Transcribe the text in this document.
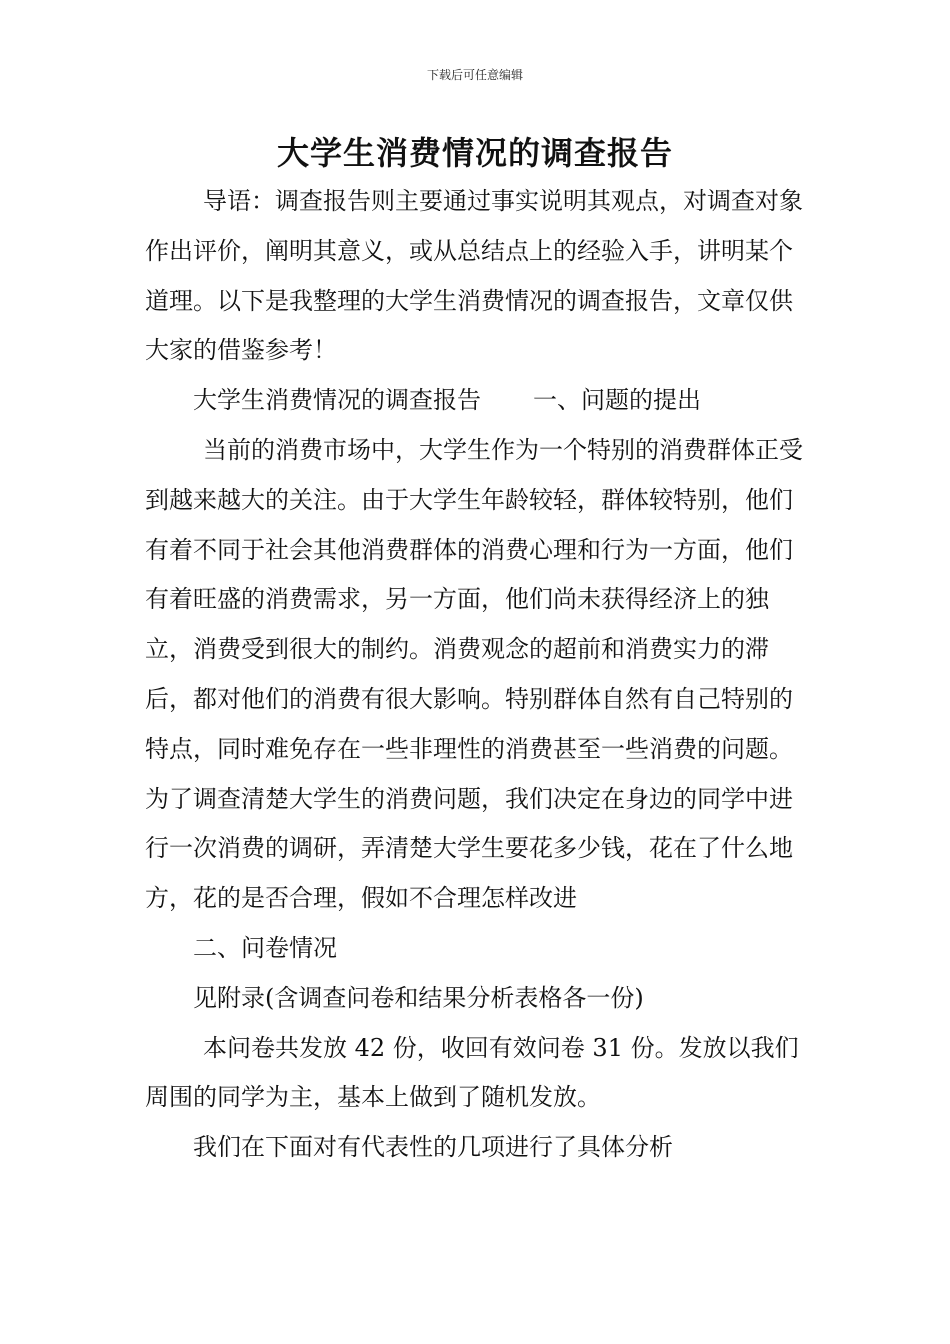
下载后可任意编辑
大学生消费情况的调查报告

导语：调查报告则主要通过事实说明其观点，对调查对象作出评价，阐明其意义，或从总结点上的经验入手，讲明某个道理。以下是我整理的大学生消费情况的调查报告，文章仅供大家的借鉴参考！

大学生消费情况的调查报告 一、问题的提出

当前的消费市场中，大学生作为一个特别的消费群体正受到越来越大的关注。由于大学生年龄较轻，群体较特别，他们有着不同于社会其他消费群体的消费心理和行为一方面，他们有着旺盛的消费需求，另一方面，他们尚未获得经济上的独立，消费受到很大的制约。消费观念的超前和消费实力的滞后，都对他们的消费有很大影响。特别群体自然有自己特别的特点，同时难免存在一些非理性的消费甚至一些消费的问题。为了调查清楚大学生的消费问题，我们决定在身边的同学中进行一次消费的调研，弄清楚大学生要花多少钱，花在了什么地方，花的是否合理，假如不合理怎样改进

二、问卷情况

见附录(含调查问卷和结果分析表格各一份)

本问卷共发放 42 份，收回有效问卷 31 份。发放以我们周围的同学为主，基本上做到了随机发放。

我们在下面对有代表性的几项进行了具体分析
